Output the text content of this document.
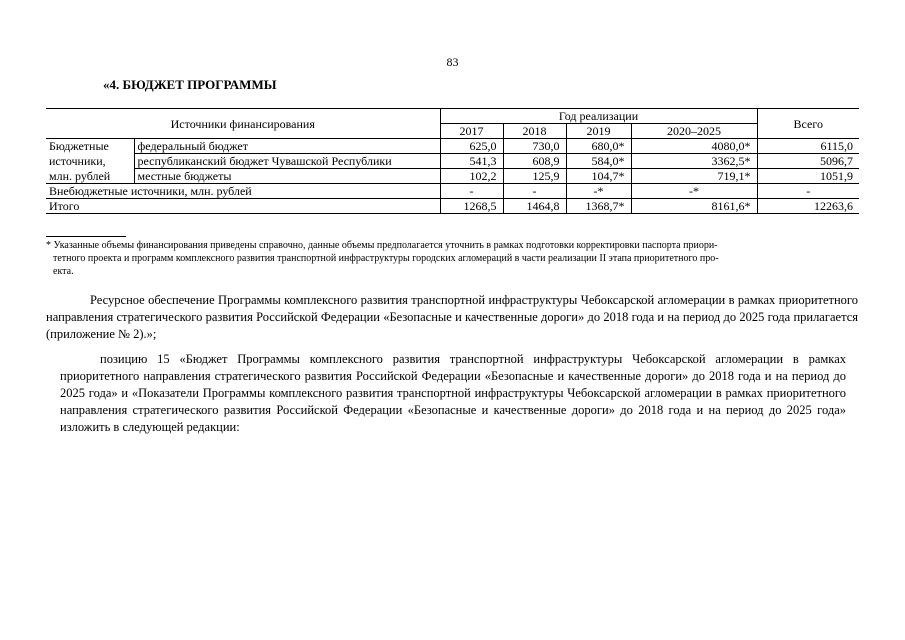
83
«4. БЮДЖЕТ ПРОГРАММЫ
Источники финансирования		Год реализации				Всего
		2017	2018	2019	2020–2025	
Бюджетные	федеральный бюджет	625,0	730,0	680,0*	4080,0*	6115,0
источники,	республиканский бюджет Чувашской Республики	541,3	608,9	584,0*	3362,5*	5096,7
млн. рублей	местные бюджеты	102,2	125,9	104,7*	719,1*	1051,9
Внебюджетные источники, млн. рублей		-	-	-*	-*	-
Итого		1268,5	1464,8	1368,7*	8161,6*	12263,6

* Указанные объемы финансирования приведены справочно, данные объемы предполагается уточнить в рамках подготовки корректировки паспорта приори-

тетного проекта и программ комплексного развития транспортной инфраструктуры городских агломераций в части реализации II этапа приоритетного про-

екта.

Ресурсное обеспечение Программы комплексного развития транспортной инфраструктуры Чебоксарской агломерации в рамках приоритетного направления стратегического развития Российской Федерации «Безопасные и качественные дороги» до 2018 года и на период до 2025 года прилагается (приложение № 2).»;

позицию 15 «Бюджет Программы комплексного развития транспортной инфраструктуры Чебоксарской агломерации в рамках приоритетного направления стратегического развития Российской Федерации «Безопасные и качественные дороги» до 2018 года и на период до 2025 года» и «Показатели Программы комплексного развития транспортной инфраструктуры Чебоксарской агломерации в рамках приоритетного направления стратегического развития Российской Федерации «Безопасные и качественные дороги» до 2018 года и на период до 2025 года» изложить в следующей редакции:
